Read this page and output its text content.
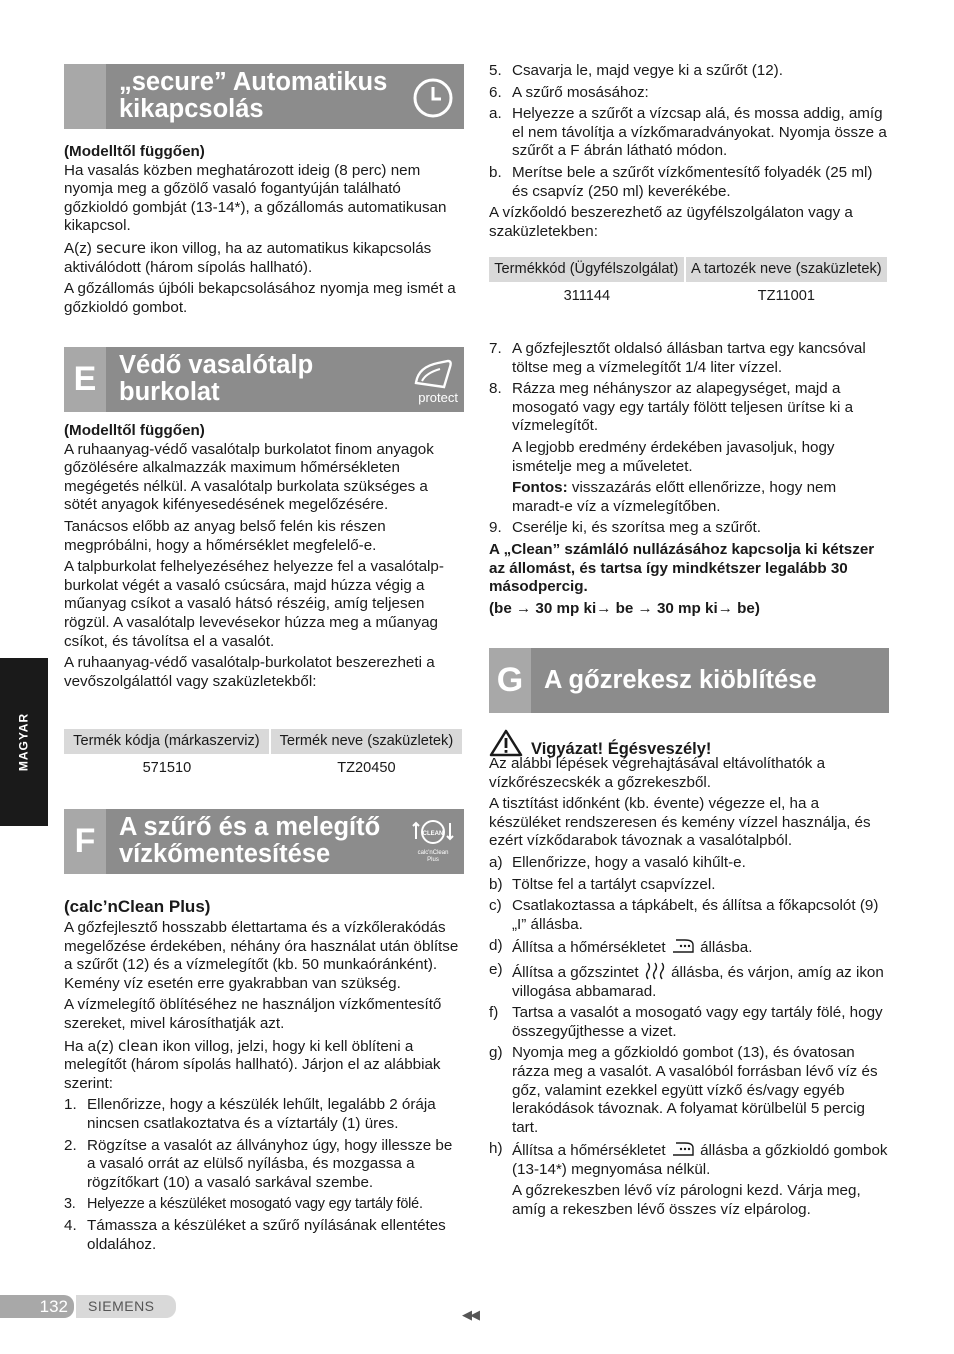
MAGYAR
„secure” Automatikus kikapcsolás

(Modelltől függően)

Ha vasalás közben meghatározott ideig (8 perc) nem nyomja meg a gőzölő vasaló fogantyúján található gőzkioldó gombját (13-14*), a gőzállomás automatikusan kikapcsol.

A(z) secure ikon villog, ha az automatikus kikapcsolás aktiválódott (három sípolás hallható).

A gőzállomás újbóli bekapcsolásához nyomja meg ismét a gőzkioldó gombot.

E Védő vasalótalp burkolat	protect

(Modelltől függően)

A ruhaanyag-védő vasalótalp burkolatot finom anyagok gőzölésére alkalmazzák maximum hőmérsékleten megégetés nélkül. A vasalótalp burkolata szükséges a sötét anyagok kifényesedésének megelőzésére.

Tanácsos előbb az anyag belső felén kis részen megpróbálni, hogy a hőmérséklet megfelelő-e.

A talpburkolat felhelyezéséhez helyezze fel a vasalótalp- burkolat végét a vasaló csúcsára, majd húzza végig a műanyag csíkot a vasaló hátsó részéig, amíg teljesen rögzül. A vasalótalp levevésekor húzza meg a műanyag csíkot, és távolítsa el a vasalót.

A ruhaanyag-védő vasalótalp-burkolatot beszerezheti a vevőszolgálattól vagy szaküzletekből:

Termék kódja (márkaszerviz)	Termék neve (szaküzletek)
571510	TZ20450
F A szűrő és a melegítő vízkőmentesítése
CLEAN
calc'nClean
Plus

(calc’nClean Plus)

A gőzfejlesztő hosszabb élettartama és a vízkőlerakódás megelőzése érdekében, néhány óra használat után öblítse a szűrőt (12) és a vízmelegítőt (kb. 50 munkaóránként). Kemény víz esetén erre gyakrabban van szükség.

A vízmelegítő öblítéséhez ne használjon vízkőmentesítő szereket, mivel károsíthatják azt.

Ha a(z) clean ikon villog, jelzi, hogy ki kell öblíteni a melegítőt (három sípolás hallható). Járjon el az alábbiak szerint:

1. Ellenőrizze, hogy a készülék lehűlt, legalább 2 órája nincsen csatlakoztatva és a víztartály (1) üres.
2. Rögzítse a vasalót az állványhoz úgy, hogy illessze be a vasaló orrát az elülső nyílásba, és mozgassa a rögzítőkart (10) a vasaló sarkával szembe.
3. Helyezze a készüléket mosogató vagy egy tartály fölé.
4. Támassza a készüléket a szűrő nyílásának ellentétes oldalához.
5. Csavarja le, majd vegye ki a szűrőt (12).
6. A szűrő mosásához:
a. Helyezze a szűrőt a vízcsap alá, és mossa addig, amíg el nem távolítja a vízkőmaradványokat. Nyomja össze a szűrőt a F ábrán látható módon.
b. Merítse bele a szűrőt vízkőmentesítő folyadék (25 ml) és csapvíz (250 ml) keverékébe.

A vízkőoldó beszerezhető az ügyfélszolgálaton vagy a szaküzletekben:

Termékkód (Ügyfélszolgálat)	A tartozék neve (szaküzletek)
311144	TZ11001
7. A gőzfejlesztőt oldalsó állásban tartva egy kancsóval töltse meg a vízmelegítőt 1/4 liter vízzel.
8. Rázza meg néhányszor az alapegységet, majd a mosogató vagy egy tartály fölött teljesen ürítse ki a vízmelegítőt.

A legjobb eredmény érdekében javasoljuk, hogy ismételje meg a műveletet.

Fontos: visszazárás előtt ellenőrizze, hogy nem maradt-e víz a vízmelegítőben.

9. Cserélje ki, és szorítsa meg a szűrőt.

A „Clean” számláló nullázásához kapcsolja ki kétszer az állomást, és tartsa így mindkétszer legalább 30 másodpercig.

(be → 30 mp ki→ be → 30 mp ki→ be)

G A gőzrekesz kiöblítése
Vigyázat! Égésveszély!

Az alábbi lépések végrehajtásával eltávolíthatók a vízkőrészecskék a gőzrekeszből.

A tisztítást időnként (kb. évente) végezze el, ha a készüléket rendszeresen és kemény vízzel használja, és ezért vízkődarabok távoznak a vasalótalpból.

a) Ellenőrizze, hogy a vasaló kihűlt-e.
b) Töltse fel a tartályt csapvízzel.
c) Csatlakoztassa a tápkábelt, és állítsa a főkapcsolót (9) „I” állásba.
d) Állítsa a hőmérsékletet  állásba.
e) Állítsa a gőzszintet  állásba, és várjon, amíg az ikon villogása abbamarad.
f) Tartsa a vasalót a mosogató vagy egy tartály fölé, hogy összegyűjthesse a vizet.
g) Nyomja meg a gőzkioldó gombot (13), és óvatosan rázza meg a vasalót. A vasalóból forrásban lévő víz és gőz, valamint ezekkel együtt vízkő és/vagy egyéb lerakódások távoznak. A folyamat körülbelül 5 percig tart.
h) Állítsa a hőmérsékletet  állásba a gőzkioldó gombok (13-14*) megnyomása nélkül.

A gőzrekeszben lévő víz párologni kezd. Várja meg, amíg a rekeszben lévő összes víz elpárolog.

132	SIEMENS
◀◀
